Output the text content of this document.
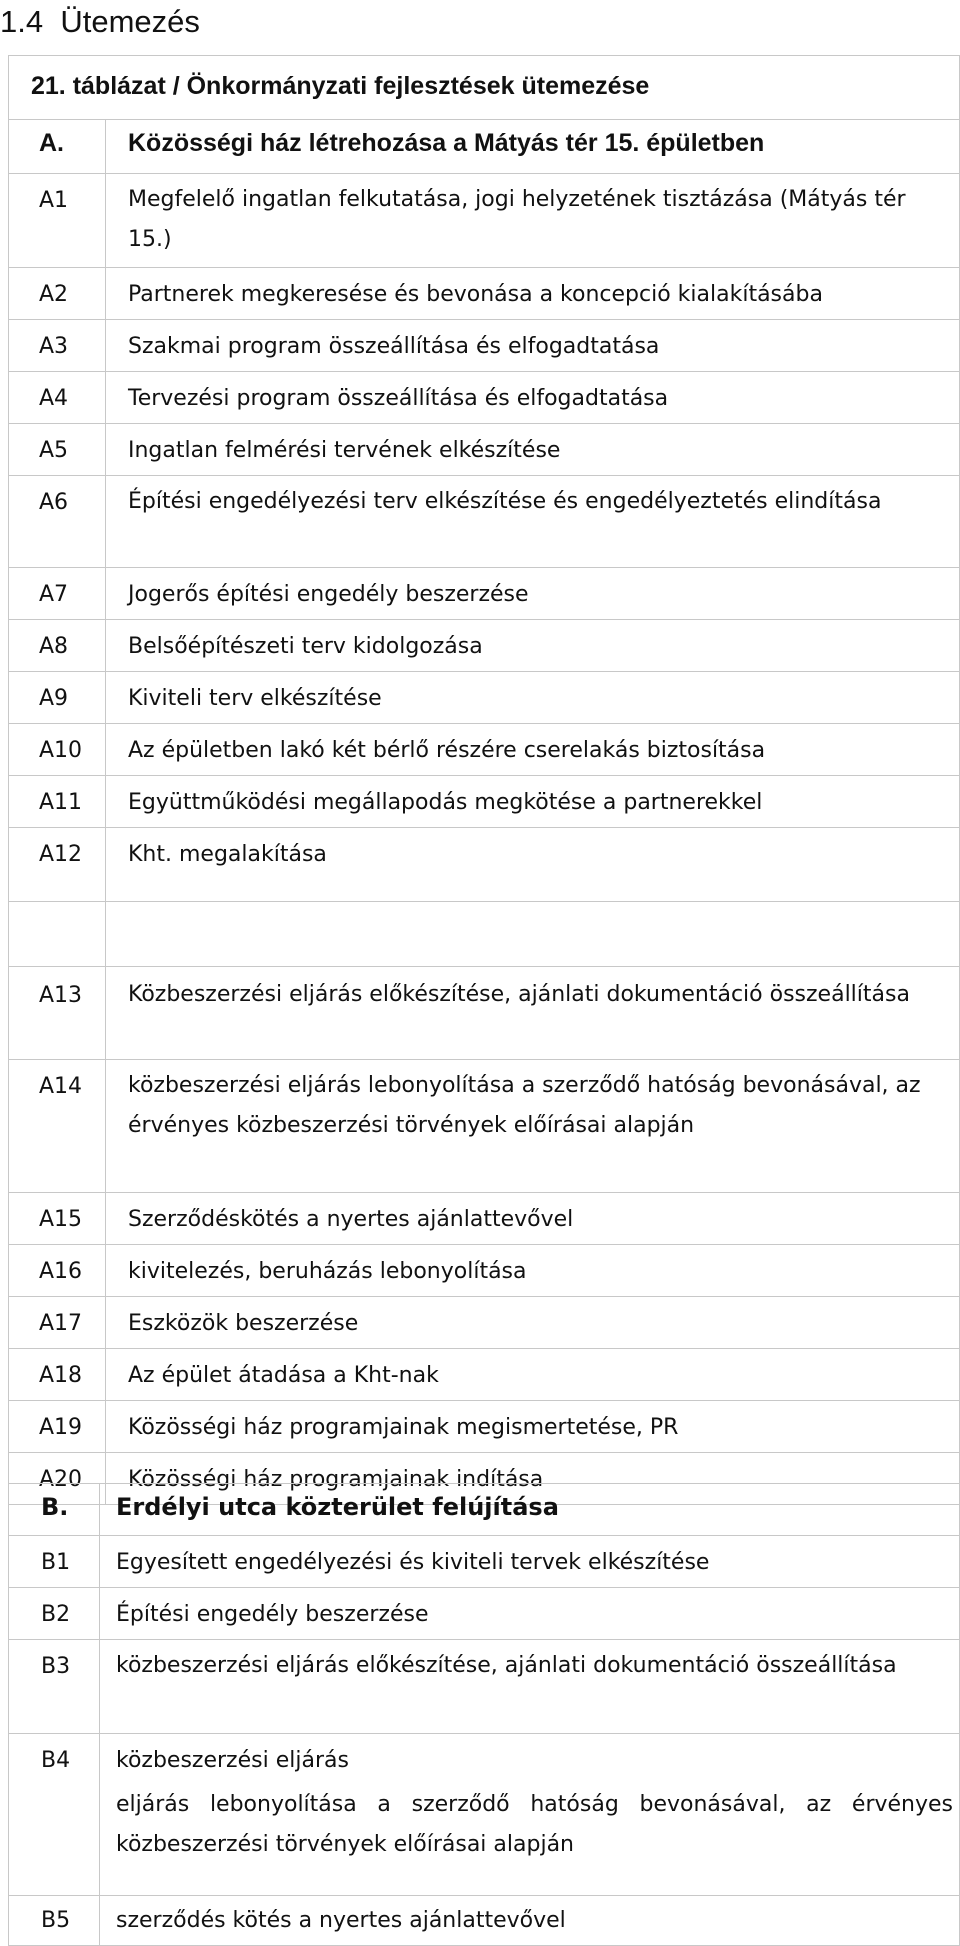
1.4 Ütemezés
21. táblázat / Önkormányzati fejlesztések ütemezése	

A.	Közösségi ház létrehozása a Mátyás tér 15. épületben

A1	Megfelelő ingatlan felkutatása, jogi helyzetének tisztázása (Mátyás tér 15.)

A2	Partnerek megkeresése és bevonása a koncepció kialakításába

A3	Szakmai program összeállítása és elfogadtatása

A4	Tervezési program összeállítása és elfogadtatása

A5	Ingatlan felmérési tervének elkészítése

A6	Építési engedélyezési terv elkészítése és engedélyeztetés elindítása

A7	Jogerős építési engedély beszerzése

A8	Belsőépítészeti terv kidolgozása

A9	Kiviteli terv elkészítése

A10	Az épületben lakó két bérlő részére cserelakás biztosítása

A11	Együttműködési megállapodás megkötése a partnerekkel

A12	Kht. megalakítása

A13	Közbeszerzési eljárás előkészítése, ajánlati dokumentáció összeállítása

A14	közbeszerzési eljárás lebonyolítása a szerződő hatóság bevonásával, az érvényes közbeszerzési törvények előírásai alapján

A15	Szerződéskötés a nyertes ajánlattevővel

A16	kivitelezés, beruházás lebonyolítása

A17	Eszközök beszerzése

A18	Az épület átadása a Kht-nak

A19	Közösségi ház programjainak megismertetése, PR

A20	Közösségi ház programjainak indítása
B.	Erdélyi utca közterület felújítása

B1	Egyesített engedélyezési és kiviteli tervek elkészítése

B2	Építési engedély beszerzése

B3	közbeszerzési eljárás előkészítése, ajánlati dokumentáció összeállítása

B4	közbeszerzési eljárás
eljárás lebonyolítása a szerződő hatóság bevonásával, az érvényes közbeszerzési törvények előírásai alapján

B5	szerződés kötés a nyertes ajánlattevővel
